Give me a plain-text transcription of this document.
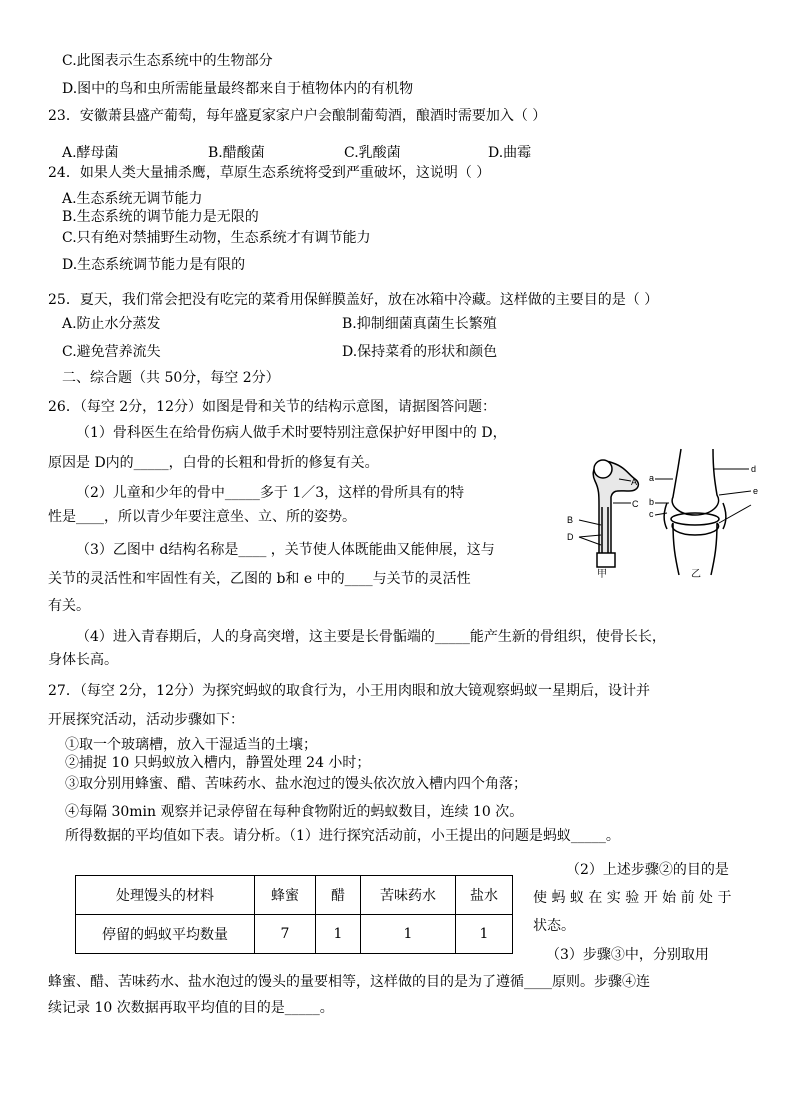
C.此图表示生态系统中的生物部分
D.图中的鸟和虫所需能量最终都来自于植物体内的有机物
23．安徽萧县盛产葡萄，每年盛夏家家户户会酿制葡萄酒，酿酒时需要加入（ ）
A.酵母菌	B.醋酸菌	C.乳酸菌	D.曲霉
24．如果人类大量捕杀鹰，草原生态系统将受到严重破坏，这说明（ ）
A.生态系统无调节能力
B.生态系统的调节能力是无限的
C.只有绝对禁捕野生动物，生态系统才有调节能力
D.生态系统调节能力是有限的
25．夏天，我们常会把没有吃完的菜肴用保鲜膜盖好，放在冰箱中冷藏。这样做的主要目的是（ ）
A.防止水分蒸发	B.抑制细菌真菌生长繁殖
C.避免营养流失	D.保持菜肴的形状和颜色
二、综合题（共 50分，每空 2分）
26．（每空 2分，12分）如图是骨和关节的结构示意图，请据图答问题：
（1）骨科医生在给骨伤病人做手术时要特别注意保护好甲图中的 D，
原因是 D内的_____，白骨的长粗和骨折的修复有关。
（2）儿童和少年的骨中_____多于 1／3，这样的骨所具有的特
性是____，所以青少年要注意坐、立、所的姿势。
（3）乙图中 d结构名称是____ ，关节使人体既能曲又能伸展，这与
关节的灵活性和牢固性有关，乙图的 b和 e 中的____与关节的灵活性
有关。
（4）进入青春期后，人的身高突增，这主要是长骨骺端的_____能产生新的骨组织，使骨长长，
身体长高。
A
C
B
D
甲
a
b
c
d
e
乙
27．（每空 2分，12分）为探究蚂蚁的取食行为，小王用肉眼和放大镜观察蚂蚁一星期后，设计并
开展探究活动，活动步骤如下：
①取一个玻璃槽，放入干湿适当的土壤；
②捕捉 10 只蚂蚁放入槽内，静置处理 24 小时；
③取分别用蜂蜜、醋、苦味药水、盐水泡过的馒头依次放入槽内四个角落；
④每隔 30min 观察并记录停留在每种食物附近的蚂蚁数目，连续 10 次。
所得数据的平均值如下表。请分析。（1）进行探究活动前，小王提出的问题是蚂蚁_____。
（2）上述步骤②的目的是
使 蚂 蚁 在 实 验 开 始 前 处 于
状态。
处理馒头的材料	蜂蜜	醋	苦味药水	盐水
停留的蚂蚁平均数量	7	1	1	1
（3）步骤③中，分别取用
蜂蜜、醋、苦味药水、盐水泡过的馒头的量要相等，这样做的目的是为了遵循____原则。步骤④连
续记录 10 次数据再取平均值的目的是_____。
